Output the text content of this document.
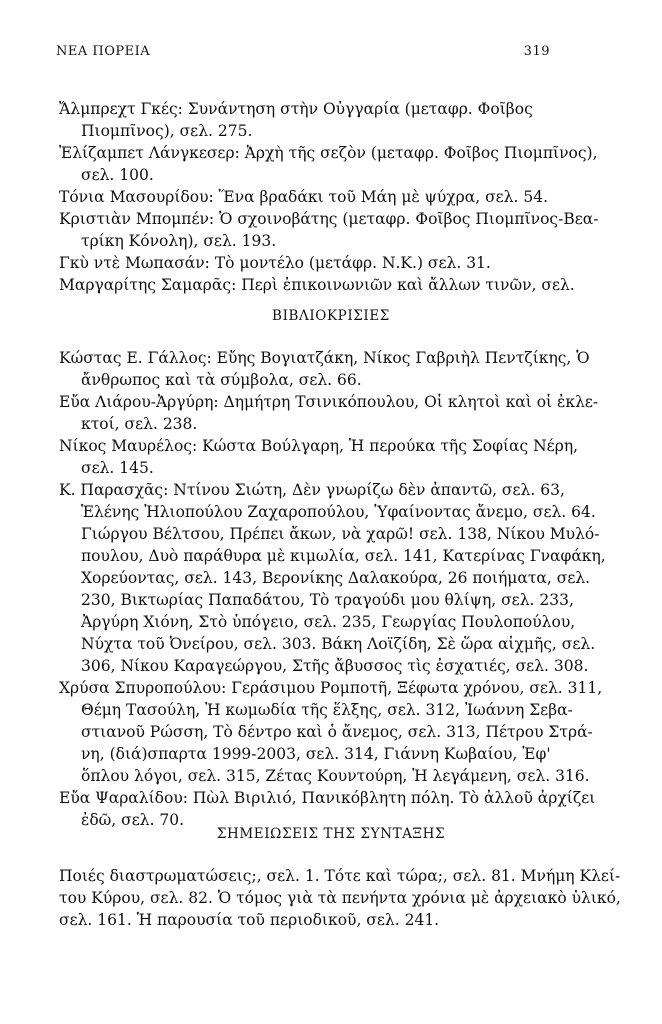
ΝΕΑ ΠΟΡΕΙΑ	319
Ἄλμπρεχτ Γκές: Συνάντηση στὴν Οὐγγαρία (μεταφρ. Φοῖβος
Πιομπῖνος), σελ. 275.
Ἐλίζαμπετ Λάνγκεσερ: Ἀρχὴ τῆς σεζὸν (μεταφρ. Φοῖβος Πιομπῖνος),
σελ. 100.
Τόνια Μασουρίδου: Ἕνα βραδάκι τοῦ Μάη μὲ ψύχρα, σελ. 54.
Κριστιὰν Μπομπέν: Ὁ σχοινοβάτης (μεταφρ. Φοῖβος Πιομπῖνος-Βεα-
τρίκη Κόνολη), σελ. 193.
Γκὺ ντὲ Μωπασάν: Τὸ μοντέλο (μετάφρ. Ν.Κ.) σελ. 31.
Μαργαρίτης Σαμαρᾶς: Περὶ ἐπικοινωνιῶν καὶ ἄλλων τινῶν, σελ.
ΒΙΒΛΙΟΚΡΙΣΙΕΣ
Κώστας Ε. Γάλλος: Εὔης Βογιατζάκη, Νίκος Γαβριὴλ Πεντζίκης, Ὁ
ἄνθρωπος καὶ τὰ σύμβολα, σελ. 66.
Εὔα Λιάρου-Ἀργύρη: Δημήτρη Τσινικόπουλου, Οἱ κλητοὶ καὶ οἱ ἐκλε-
κτοί, σελ. 238.
Νίκος Μαυρέλος: Κώστα Βούλγαρη, Ἡ περούκα τῆς Σοφίας Νέρη,
σελ. 145.
Κ. Παρασχᾶς: Ντίνου Σιώτη, Δὲν γνωρίζω δὲν ἀπαντῶ, σελ. 63,
Ἑλένης Ἠλιοπούλου Ζαχαροπούλου, Ὑφαίνοντας ἄνεμο, σελ. 64.
Γιώργου Βέλτσου, Πρέπει ἄκων, νὰ χαρῶ! σελ. 138, Νίκου Μυλό-
πουλου, Δυὸ παράθυρα μὲ κιμωλία, σελ. 141, Κατερίνας Γναφάκη,
Χορεύοντας, σελ. 143, Βερονίκης Δαλακούρα, 26 ποιήματα, σελ.
230, Βικτωρίας Παπαδάτου, Τὸ τραγούδι μου θλίψη, σελ. 233,
Ἀργύρη Χιόνη, Στὸ ὑπόγειο, σελ. 235, Γεωργίας Πουλοπούλου,
Νύχτα τοῦ Ὀνείρου, σελ. 303. Βάκη Λοϊζίδη, Σὲ ὥρα αἰχμῆς, σελ.
306, Νίκου Καραγεώργου, Στῆς ἄβυσσος τὶς ἐσχατιές, σελ. 308.
Χρύσα Σπυροπούλου: Γεράσιμου Ρομποτῆ, Ξέφωτα χρόνου, σελ. 311,
Θέμη Τασούλη, Ἡ κωμωδία τῆς ἕλξης, σελ. 312, Ἰωάννη Σεβα-
στιανοῦ Ρώσση, Τὸ δέντρο καὶ ὁ ἄνεμος, σελ. 313, Πέτρου Στρά-
νη, (διά)σπαρτα 1999-2003, σελ. 314, Γιάννη Κωβαίου, Ἐφ'
ὅπλου λόγοι, σελ. 315, Ζέτας Κουντούρη, Ἡ λεγάμενη, σελ. 316.
Εὔα Ψαραλίδου: Πὼλ Βιριλιό, Πανικόβλητη πόλη. Τὸ ἀλλοῦ ἀρχίζει
ἐδῶ, σελ. 70.
ΣΗΜΕΙΩΣΕΙΣ ΤΗΣ ΣΥΝΤΑΞΗΣ
Ποιές διαστρωματώσεις;, σελ. 1. Τότε καὶ τώρα;, σελ. 81. Μνήμη Κλεί-
του Κύρου, σελ. 82. Ὁ τόμος γιὰ τὰ πενήντα χρόνια μὲ ἀρχειακὸ ὑλικό,
σελ. 161. Ἡ παρουσία τοῦ περιοδικοῦ, σελ. 241.
